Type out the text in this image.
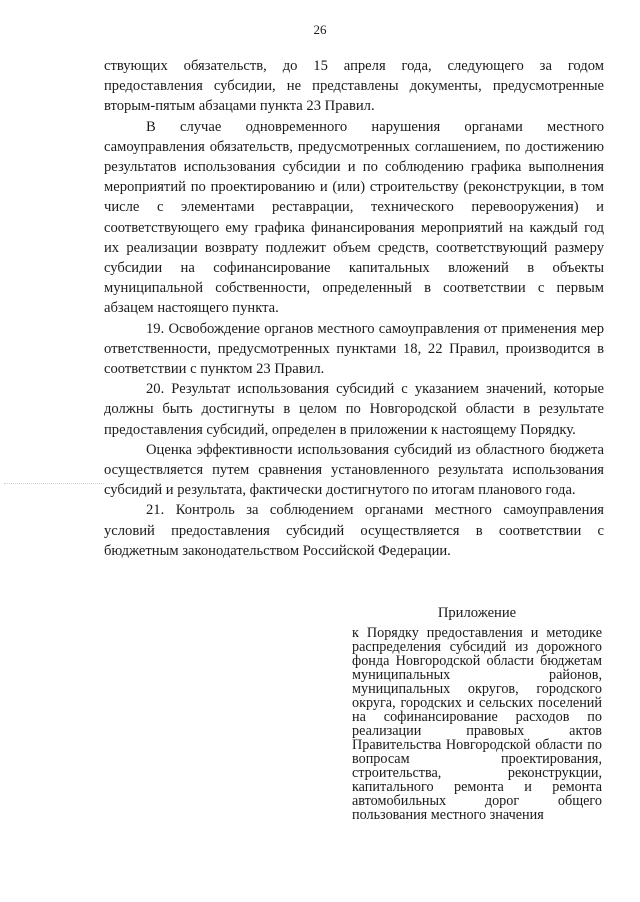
26

ствующих обязательств, до 15 апреля года, следующего за годом предоставления субсидии, не представлены документы, предусмотренные вторым-пятым абзацами пункта 23 Правил.

В случае одновременного нарушения органами местного самоуправления обязательств, предусмотренных соглашением, по достижению результатов использования субсидии и по соблюдению графика выполнения мероприятий по проектированию и (или) строительству (реконструкции, в том числе с элементами реставрации, технического перевооружения) и соответствующего ему графика финансирования мероприятий на каждый год их реализации возврату подлежит объем средств, соответствующий размеру субсидии на софинансирование капитальных вложений в объекты муниципальной собственности, определенный в соответствии с первым абзацем настоящего пункта.

19. Освобождение органов местного самоуправления от применения мер ответственности, предусмотренных пунктами 18, 22 Правил, производится в соответствии с пунктом 23 Правил.

20. Результат использования субсидий с указанием значений, которые должны быть достигнуты в целом по Новгородской области в результате предоставления субсидий, определен в приложении к настоящему Порядку.

Оценка эффективности использования субсидий из областного бюджета осуществляется путем сравнения установленного результата использования субсидий и результата, фактически достигнутого по итогам планового года.

21. Контроль за соблюдением органами местного самоуправления условий предоставления субсидий осуществляется в соответствии с бюджетным законодательством Российской Федерации.

Приложение

к Порядку предоставления и методике распределения субсидий из дорожного фонда Новгородской области бюджетам муниципальных районов, муниципальных округов, городского округа, городских и сельских поселений на софинансирование расходов по реализации правовых актов Правительства Новгородской области по вопросам проектирования, строительства, реконструкции, капитального ремонта и ремонта автомобильных дорог общего пользования местного значения
